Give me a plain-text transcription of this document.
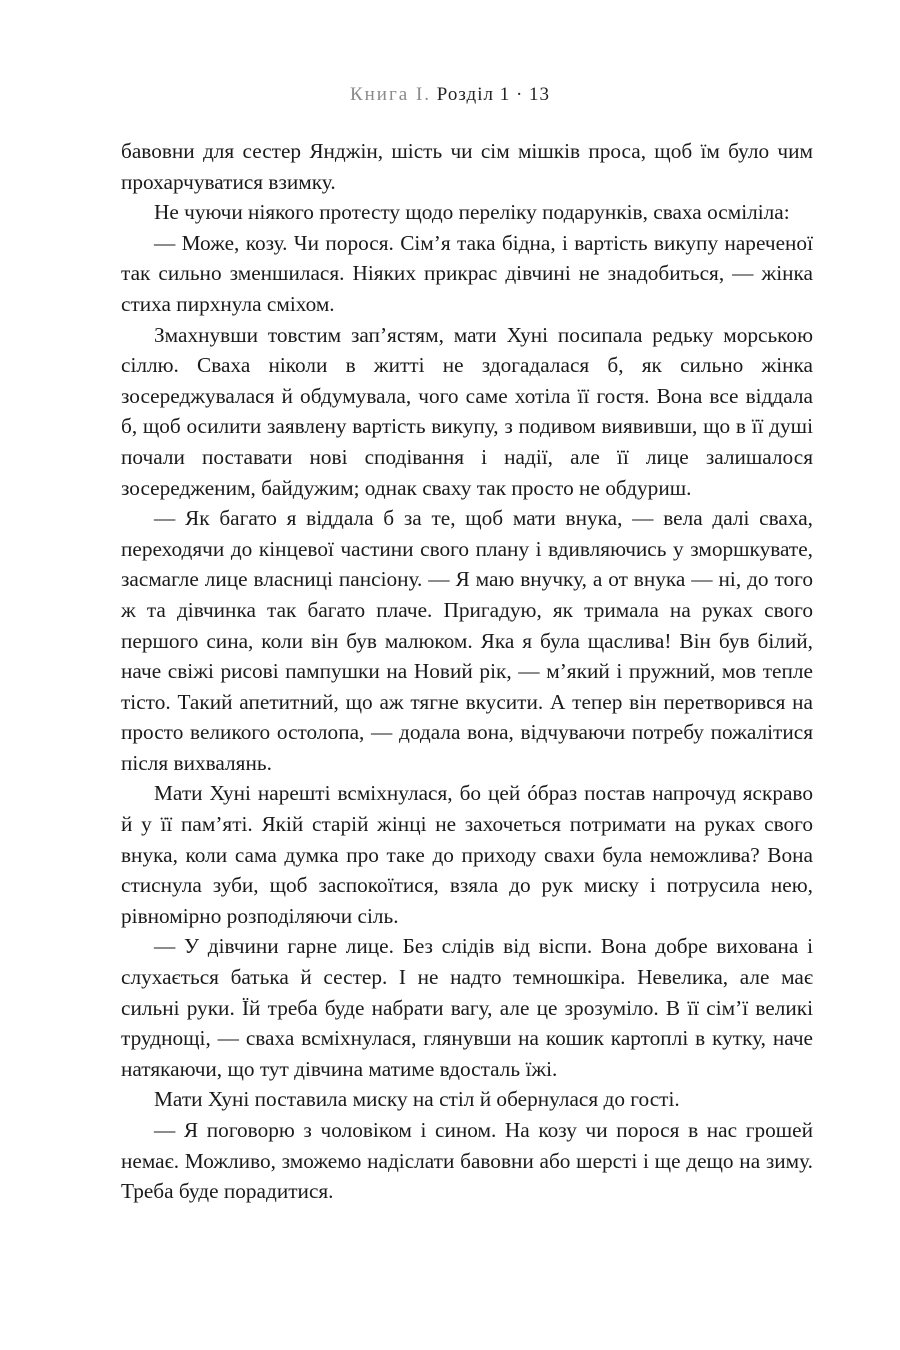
Книга І. Розділ 1 · 13

бавовни для сестер Янджін, шість чи сім мішків проса, щоб їм було чим прохарчуватися взимку.

Не чуючи ніякого протесту щодо переліку подарунків, сваха осміліла:

— Може, козу. Чи порося. Сім’я така бідна, і вартість викупу нареченої так сильно зменшилася. Ніяких прикрас дівчині не знадобиться, — жінка стиха пирхнула сміхом.

Змахнувши товстим зап’ястям, мати Хуні посипала редьку морською сіллю. Сваха ніколи в житті не здогадалася б, як сильно жінка зосереджувалася й обдумувала, чого саме хотіла її гостя. Вона все віддала б, щоб осилити заявлену вартість викупу, з подивом виявивши, що в її душі почали поставати нові сподівання і надії, але її лице залишалося зосередженим, байдужим; однак сваху так просто не обдуриш.

— Як багато я віддала б за те, щоб мати внука, — вела далі сваха, переходячи до кінцевої частини свого плану і вдивляючись у зморшкувате, засмагле лице власниці пансіону. — Я маю внучку, а от внука — ні, до того ж та дівчинка так багато плаче. Пригадую, як тримала на руках свого першого сина, коли він був малюком. Яка я була щаслива! Він був білий, наче свіжі рисові пампушки на Новий рік, — м’який і пружний, мов тепле тісто. Такий апетитний, що аж тягне вкусити. А тепер він перетворився на просто великого остолопа, — додала вона, відчуваючи потребу пожалітися після вихвалянь.

Мати Хуні нарешті всміхнулася, бо цей óбраз постав напрочуд яскраво й у її пам’яті. Якій старій жінці не захочеться потримати на руках свого внука, коли сама думка про таке до приходу свахи була неможлива? Вона стиснула зуби, щоб заспокоїтися, взяла до рук миску і потрусила нею, рівномірно розподіляючи сіль.

— У дівчини гарне лице. Без слідів від віспи. Вона добре вихована і слухається батька й сестер. І не надто темношкіра. Невелика, але має сильні руки. Їй треба буде набрати вагу, але це зрозуміло. В її сім’ї великі труднощі, — сваха всміхнулася, глянувши на кошик картоплі в кутку, наче натякаючи, що тут дівчина матиме вдосталь їжі.

Мати Хуні поставила миску на стіл й обернулася до гості.

— Я поговорю з чоловіком і сином. На козу чи порося в нас грошей немає. Можливо, зможемо надіслати бавовни або шерсті і ще дещо на зиму. Треба буде порадитися.
